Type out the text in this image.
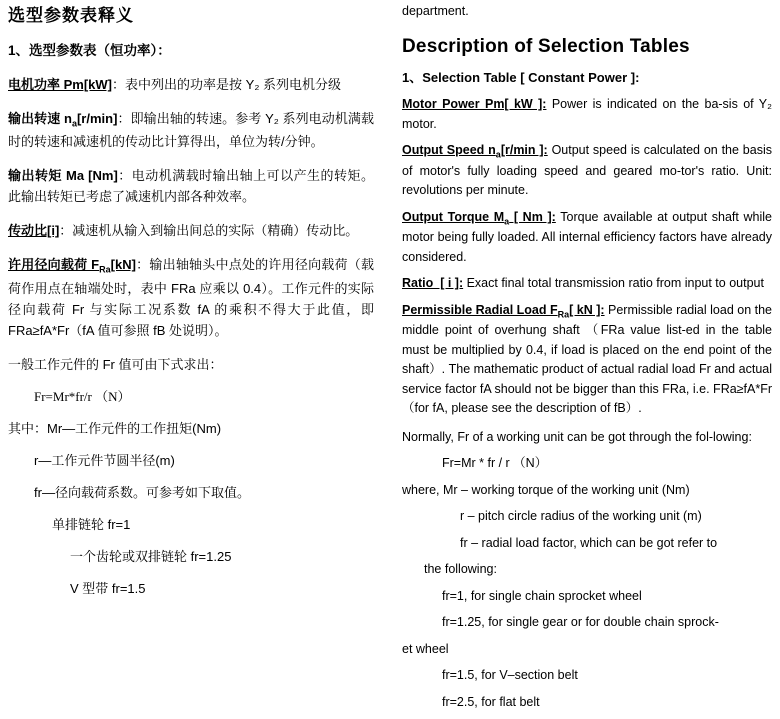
选型参数表释义
1、选型参数表（恒功率）：

电机功率 Pm[kW]：表中列出的功率是按 Y₂ 系列电机分级

输出转速 $n_a[r/\min]$：即输出轴的转速。参考 Y₂ 系列电动机满载时的转速和减速机的传动比计算得出，单位为转/分钟。

输出转矩 Ma [Nm]：电动机满载时输出轴上可以产生的转矩。此输出转矩已考虑了减速机内部各种效率。

传动比[i]：减速机从输入到输出间总的实际（精确）传动比。

许用径向载荷 $F_{Ra}[kN]$：输出轴轴头中点处的许用径向载荷（载荷作用点在轴端处时，表中 FRa 应乘以 0.4）。工作元件的实际径向载荷 Fr 与实际工况系数 fA 的乘积不得大于此值，即 FRa≥fA*Fr（fA 值可参照 fB 处说明）。

一般工作元件的 Fr 值可由下式求出：

Fr=Mr*fr/r （N）

其中：Mr—工作元件的工作扭矩(Nm)

r—工作元件节圆半径(m)

fr—径向载荷系数。可参考如下取值。

单排链轮 fr=1

一个齿轮或双排链轮 fr=1.25

V 型带 fr=1.5

department.

Description of Selection Tables
1、Selection Table [ Constant Power ]:

Motor Power Pm[ kW ]: Power is indicated on the ba-sis of Y₂ motor.

Output Speed $n_a[r/\min$ ]: Output speed is calculated on the basis of motor's fully loading speed and geared mo-tor's ratio. Unit: revolutions per minute.

Output Torque $M_a$ [ Nm ]: Torque available at output shaft while motor being fully loaded. All internal efficiency factors have already considered.

Ratio  [ i ]: Exact final total transmission ratio from input to output

Permissible Radial Load $F_{Ra}$[ kN ]: Permissible radial load on the middle point of overhung shaft （FRa value list-ed in the table must be multiplied by 0.4, if load is placed on the end point of the shaft）. The mathematic product of actual radial load Fr and actual service factor fA should not be bigger than this FRa, i.e. FRa≥fA*Fr （for fA, please see the description of fB）.

Normally, Fr of a working unit can be got through the fol-lowing:

Fr=Mr * fr / r （N）

where, Mr – working torque of the working unit (Nm)

r – pitch circle radius of the working unit (m)

fr – radial load factor, which can be got refer to

the following:

fr=1, for single chain sprocket wheel

fr=1.25, for single gear or for double chain sprock-

et wheel

fr=1.5, for V–section belt

fr=2.5, for flat belt
